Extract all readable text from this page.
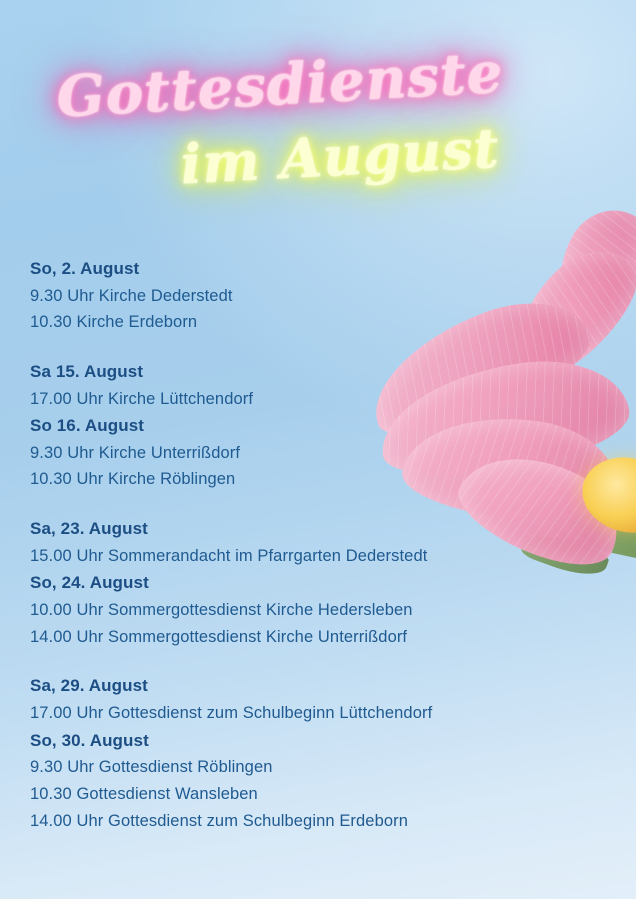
Gottesdienste
im August
So, 2. August
9.30 Uhr Kirche Dederstedt
10.30 Kirche Erdeborn
Sa 15. August
17.00 Uhr Kirche Lüttchendorf
So 16. August
9.30 Uhr Kirche Unterrißdorf
10.30 Uhr Kirche Röblingen
Sa, 23. August
15.00 Uhr Sommerandacht im Pfarrgarten Dederstedt
So, 24. August
10.00 Uhr Sommergottesdienst Kirche Hedersleben
14.00 Uhr Sommergottesdienst Kirche Unterrißdorf
Sa, 29. August
17.00 Uhr Gottesdienst zum Schulbeginn Lüttchendorf
So, 30. August
9.30 Uhr Gottesdienst Röblingen
10.30 Gottesdienst Wansleben
14.00 Uhr Gottesdienst zum Schulbeginn Erdeborn
